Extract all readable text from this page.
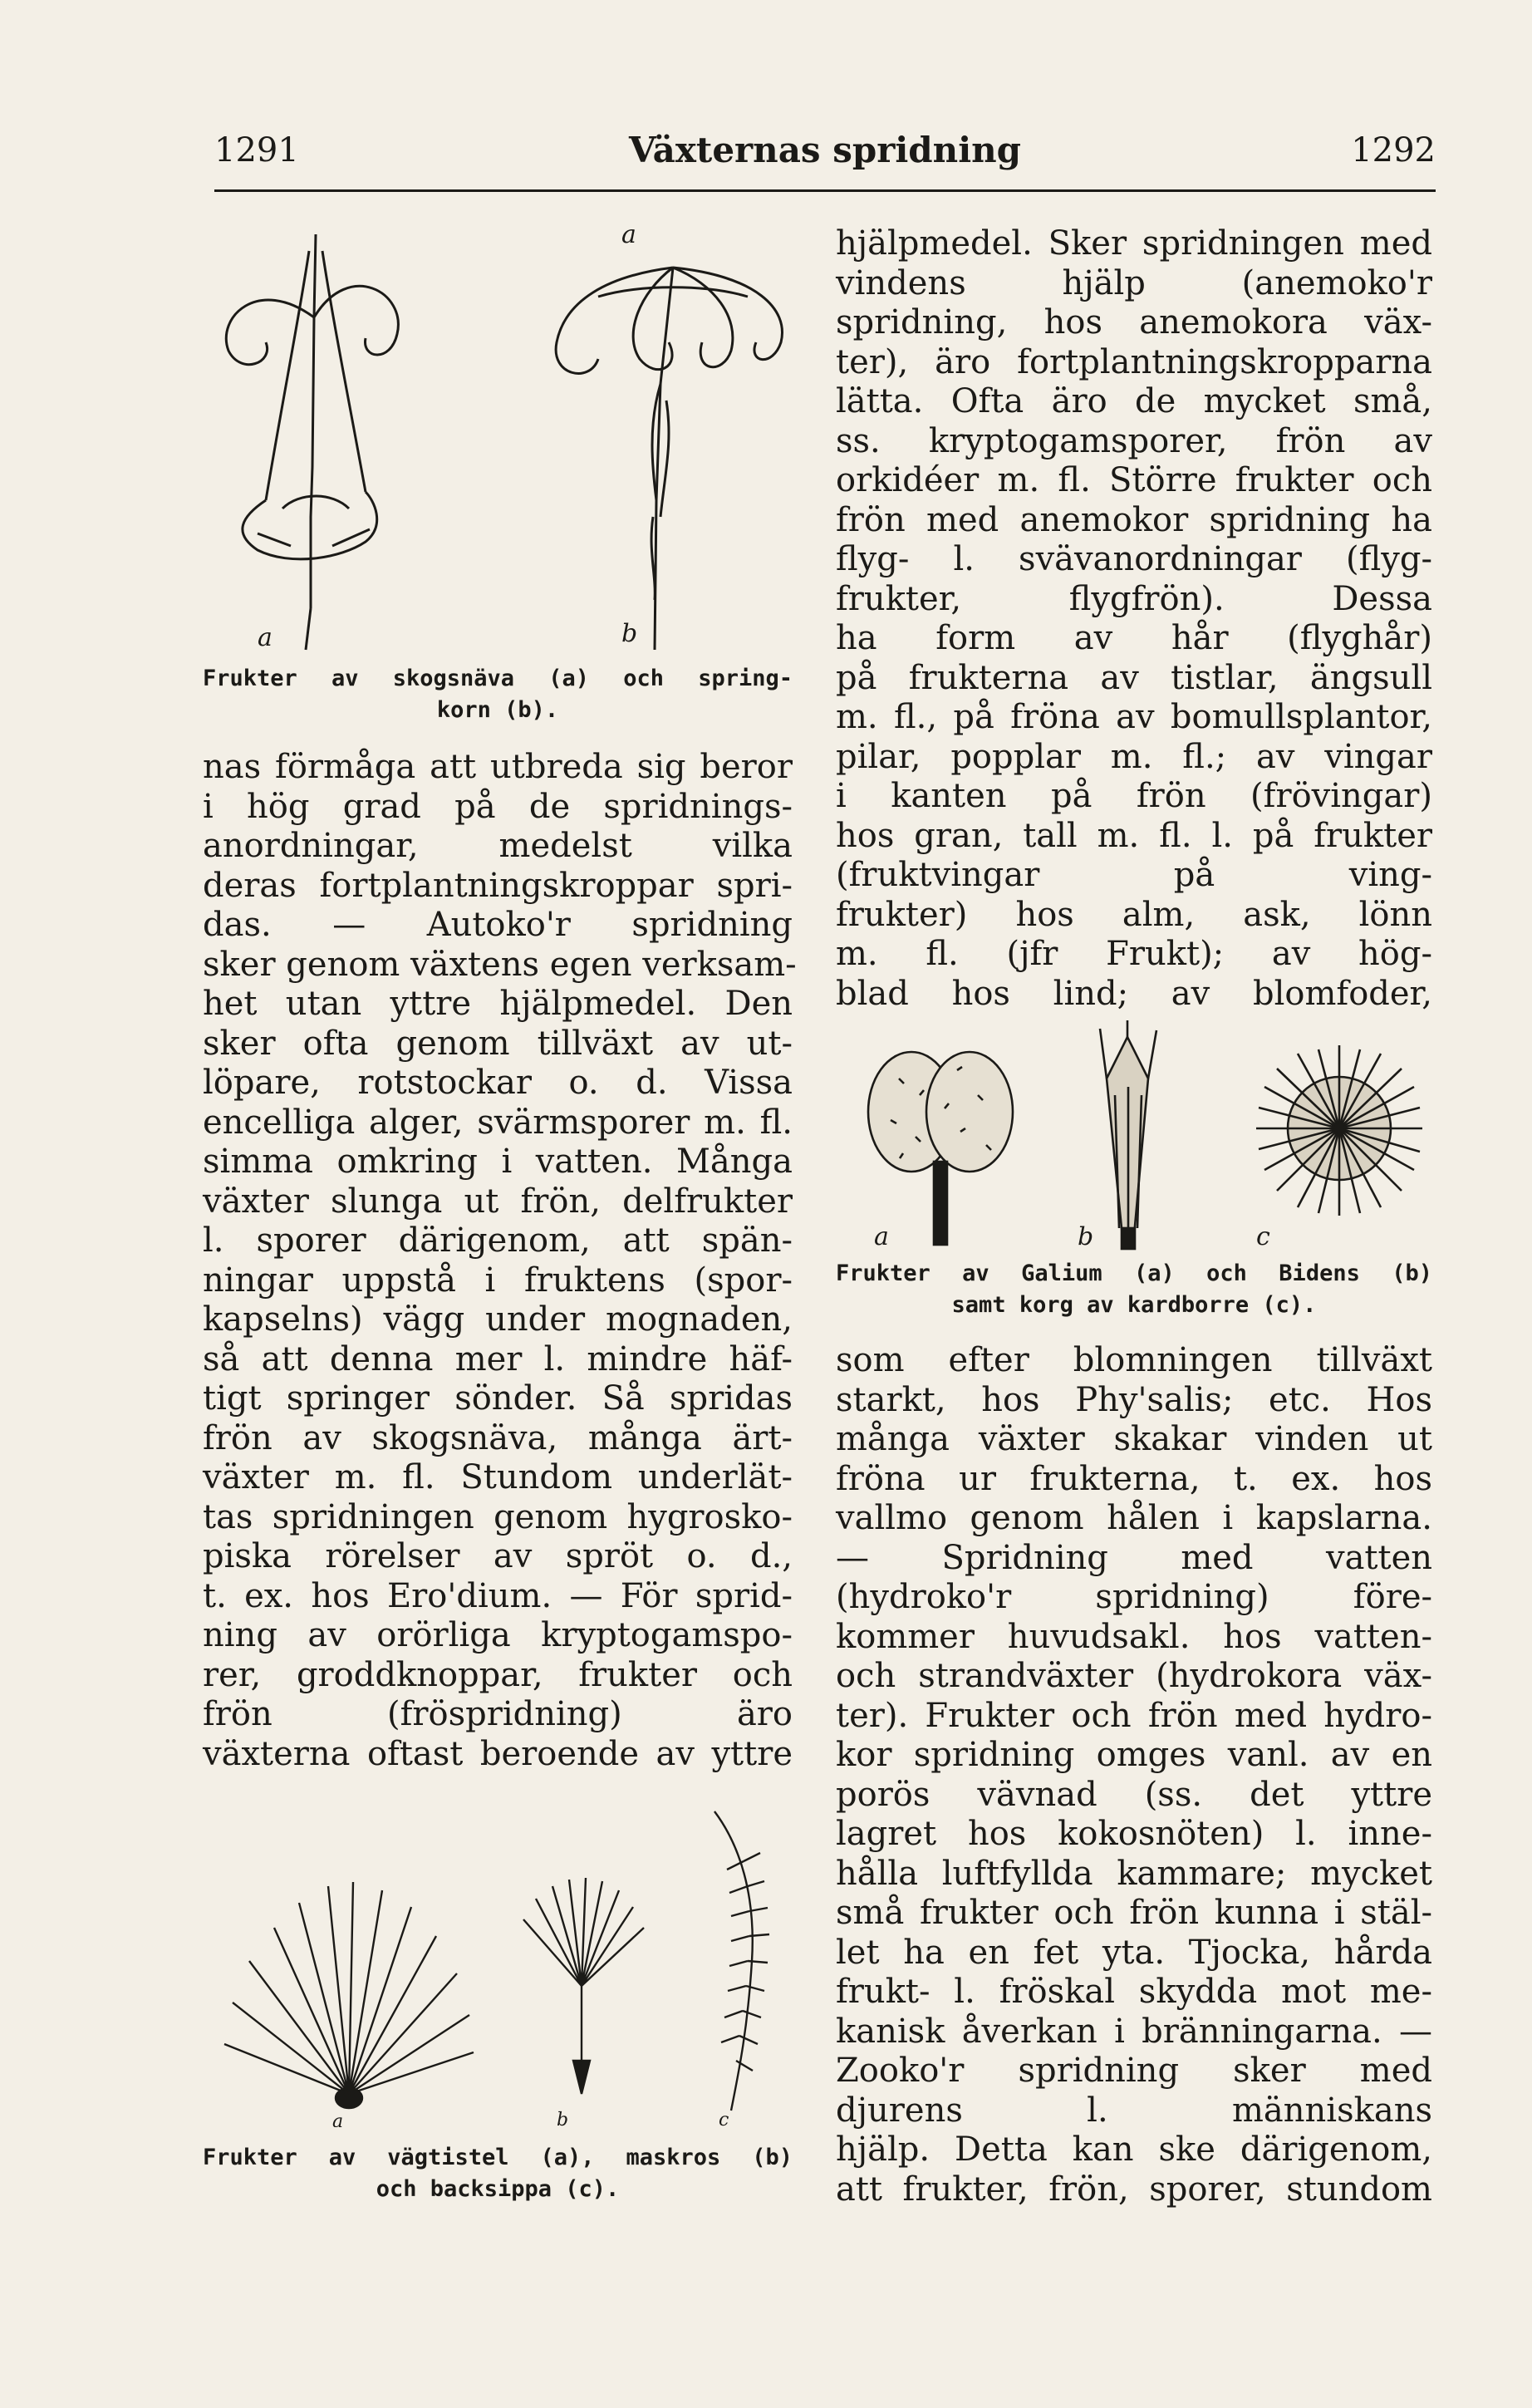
1291	Växternas spridning	1292
a
a
b

Frukter av skogsnäva (a) och spring-
korn (b).

nas förmåga att utbreda sig beror
i hög grad på de spridnings-
anordningar, medelst vilka
deras fortplantningskroppar spri-
das. — Autoko'r spridning
sker genom växtens egen verksam-
het utan yttre hjälpmedel. Den
sker ofta genom tillväxt av ut-
löpare, rotstockar o. d. Vissa
encelliga alger, svärmsporer m. fl.
simma omkring i vatten. Många
växter slunga ut frön, delfrukter
l. sporer därigenom, att spän-
ningar uppstå i fruktens (spor-
kapselns) vägg under mognaden,
så att denna mer l. mindre häf-
tigt springer sönder. Så spridas
frön av skogsnäva, många ärt-
växter m. fl. Stundom underlät-
tas spridningen genom hygrosko-
piska rörelser av spröt o. d.,
t. ex. hos Ero'dium. — För sprid-
ning av orörliga kryptogamspo-
rer, groddknoppar, frukter och
frön (fröspridning) äro
växterna oftast beroende av yttre

a	b	c

Frukter av vägtistel (a), maskros (b)
och backsippa (c).

hjälpmedel. Sker spridningen med
vindens hjälp (anemoko'r
spridning, hos anemokora väx-
ter), äro fortplantningskropparna
lätta. Ofta äro de mycket små,
ss. kryptogamsporer, frön av
orkidéer m. fl. Större frukter och
frön med anemokor spridning ha
flyg- l. svävanordningar (flyg-
frukter, flygfrön). Dessa
ha form av hår (flyghår)
på frukterna av tistlar, ängsull
m. fl., på fröna av bomullsplantor,
pilar, popplar m. fl.; av vingar
i kanten på frön (frövingar)
hos gran, tall m. fl. l. på frukter
(fruktvingar på ving-
frukter) hos alm, ask, lönn
m. fl. (jfr Frukt); av hög-
blad hos lind; av blomfoder,

a	b	c

Frukter av Galium (a) och Bidens (b)
samt korg av kardborre (c).

som efter blomningen tillväxt
starkt, hos Phy'salis; etc. Hos
många växter skakar vinden ut
fröna ur frukterna, t. ex. hos
vallmo genom hålen i kapslarna.
— Spridning med vatten
(hydroko'r spridning) före-
kommer huvudsakl. hos vatten-
och strandväxter (hydrokora väx-
ter). Frukter och frön med hydro-
kor spridning omges vanl. av en
porös vävnad (ss. det yttre
lagret hos kokosnöten) l. inne-
hålla luftfyllda kammare; mycket
små frukter och frön kunna i stäl-
let ha en fet yta. Tjocka, hårda
frukt- l. fröskal skydda mot me-
kanisk åverkan i bränningarna. —
Zooko'r spridning sker med
djurens l. människans
hjälp. Detta kan ske därigenom,
att frukter, frön, sporer, stundom
